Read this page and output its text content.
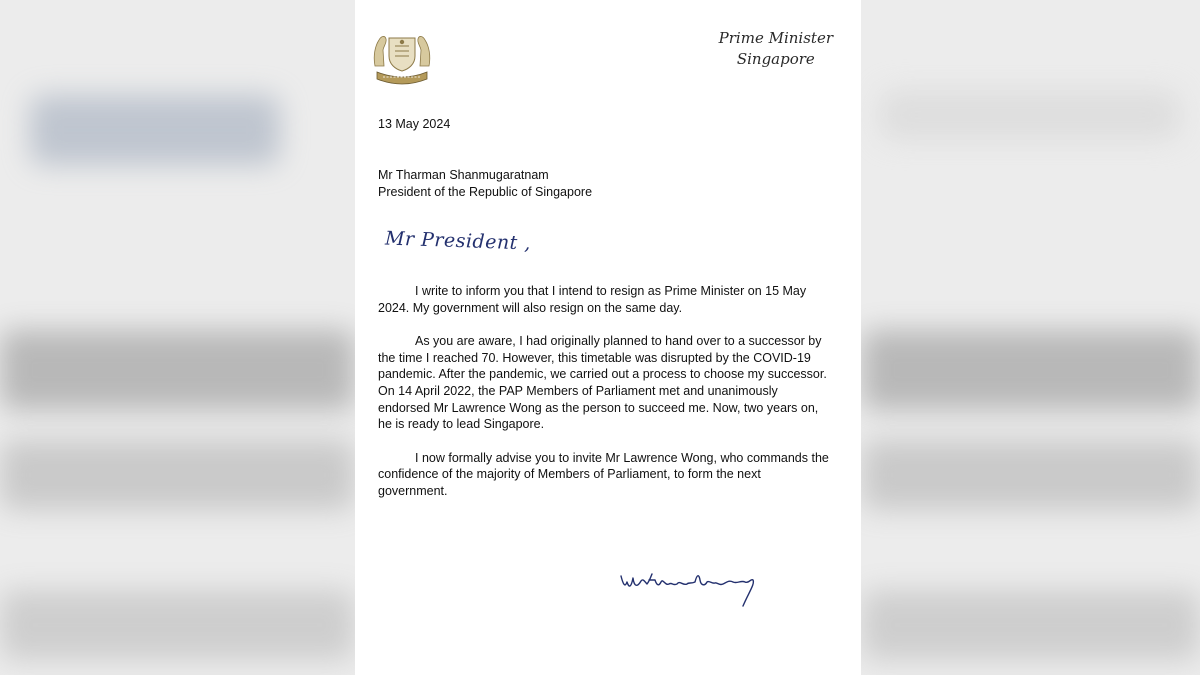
Prime Minister
Singapore
13 May 2024
Mr Tharman Shanmugaratnam
President of the Republic of Singapore
Mr President ,

I write to inform you that I intend to resign as Prime Minister on 15 May 2024. My government will also resign on the same day.

As you are aware, I had originally planned to hand over to a successor by the time I reached 70. However, this timetable was disrupted by the COVID-19 pandemic. After the pandemic, we carried out a process to choose my successor. On 14 April 2022, the PAP Members of Parliament met and unanimously endorsed Mr Lawrence Wong as the person to succeed me. Now, two years on, he is ready to lead Singapore.

I now formally advise you to invite Mr Lawrence Wong, who commands the confidence of the majority of Members of Parliament, to form the next government.
